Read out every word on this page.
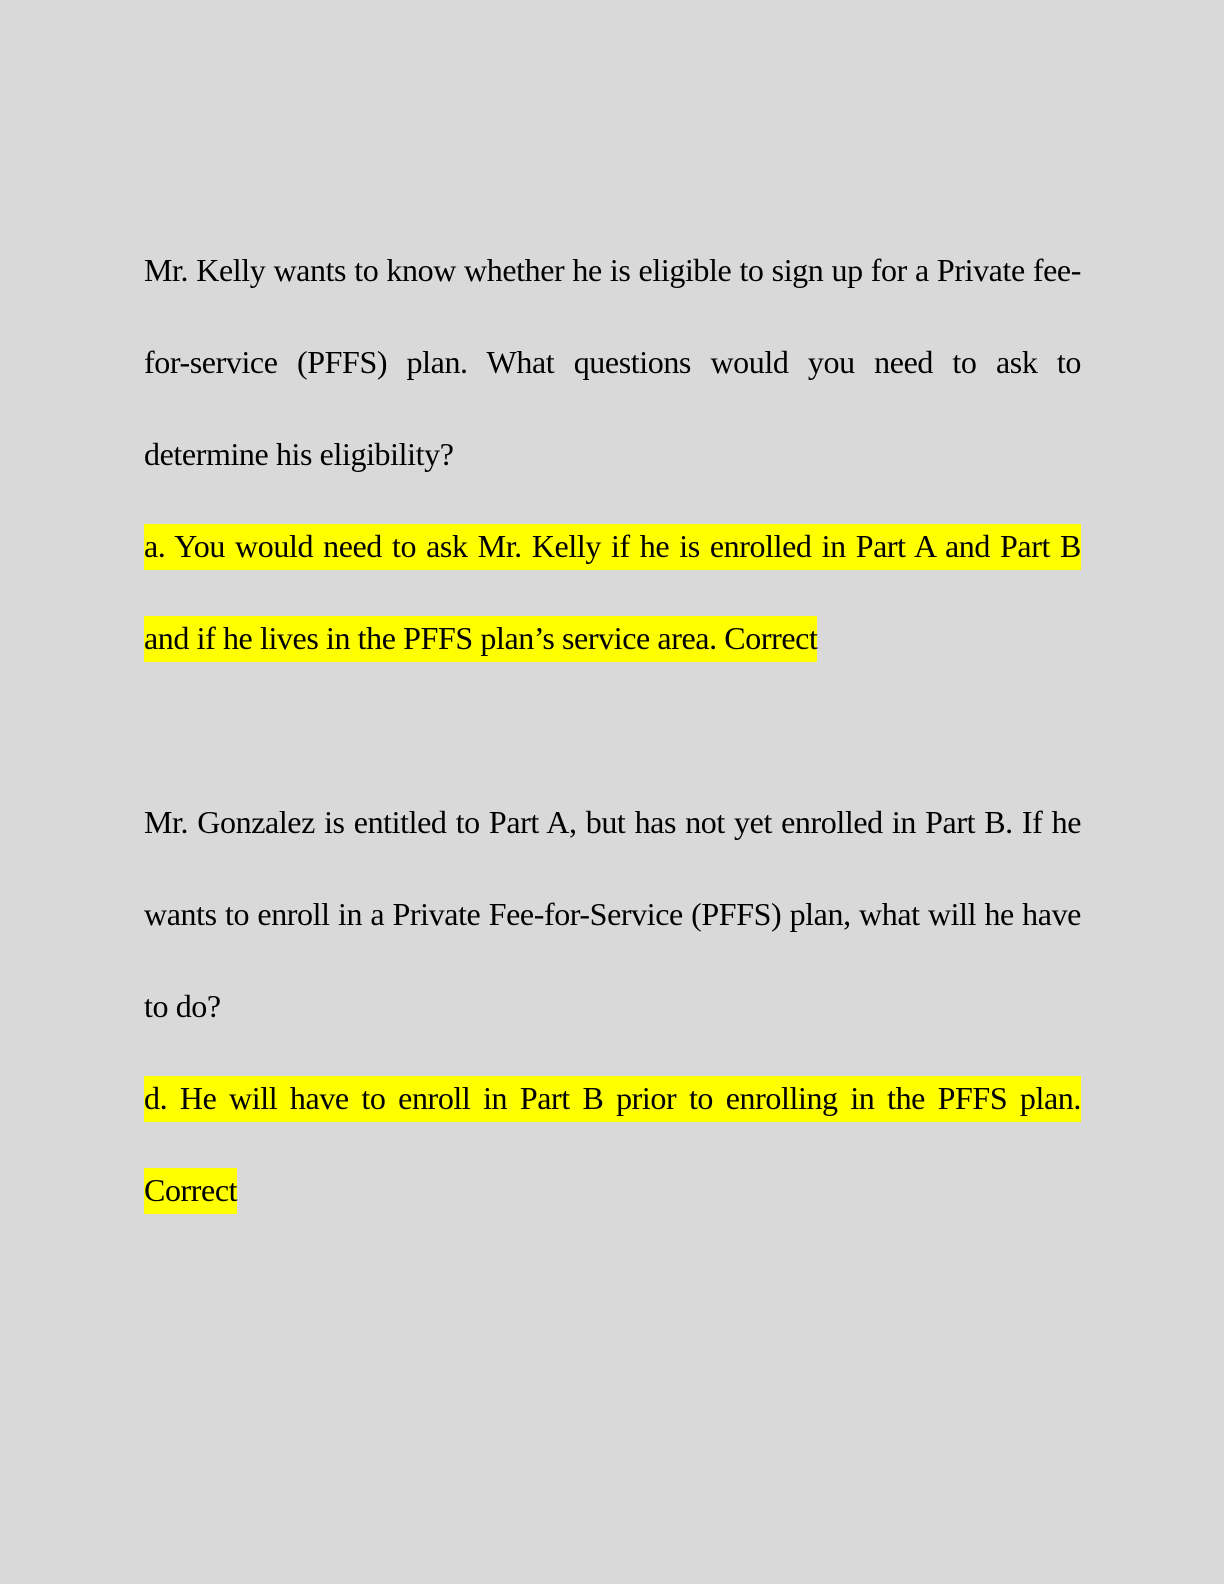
Mr. Kelly wants to know whether he is eligible to sign up for a Private fee-for-service (PFFS) plan. What questions would you need to ask to determine his eligibility?

a. You would need to ask Mr. Kelly if he is enrolled in Part A and Part B and if he lives in the PFFS plan’s service area. Correct

Mr. Gonzalez is entitled to Part A, but has not yet enrolled in Part B. If he wants to enroll in a Private Fee-for-Service (PFFS) plan, what will he have to do?

d. He will have to enroll in Part B prior to enrolling in the PFFS plan. Correct
